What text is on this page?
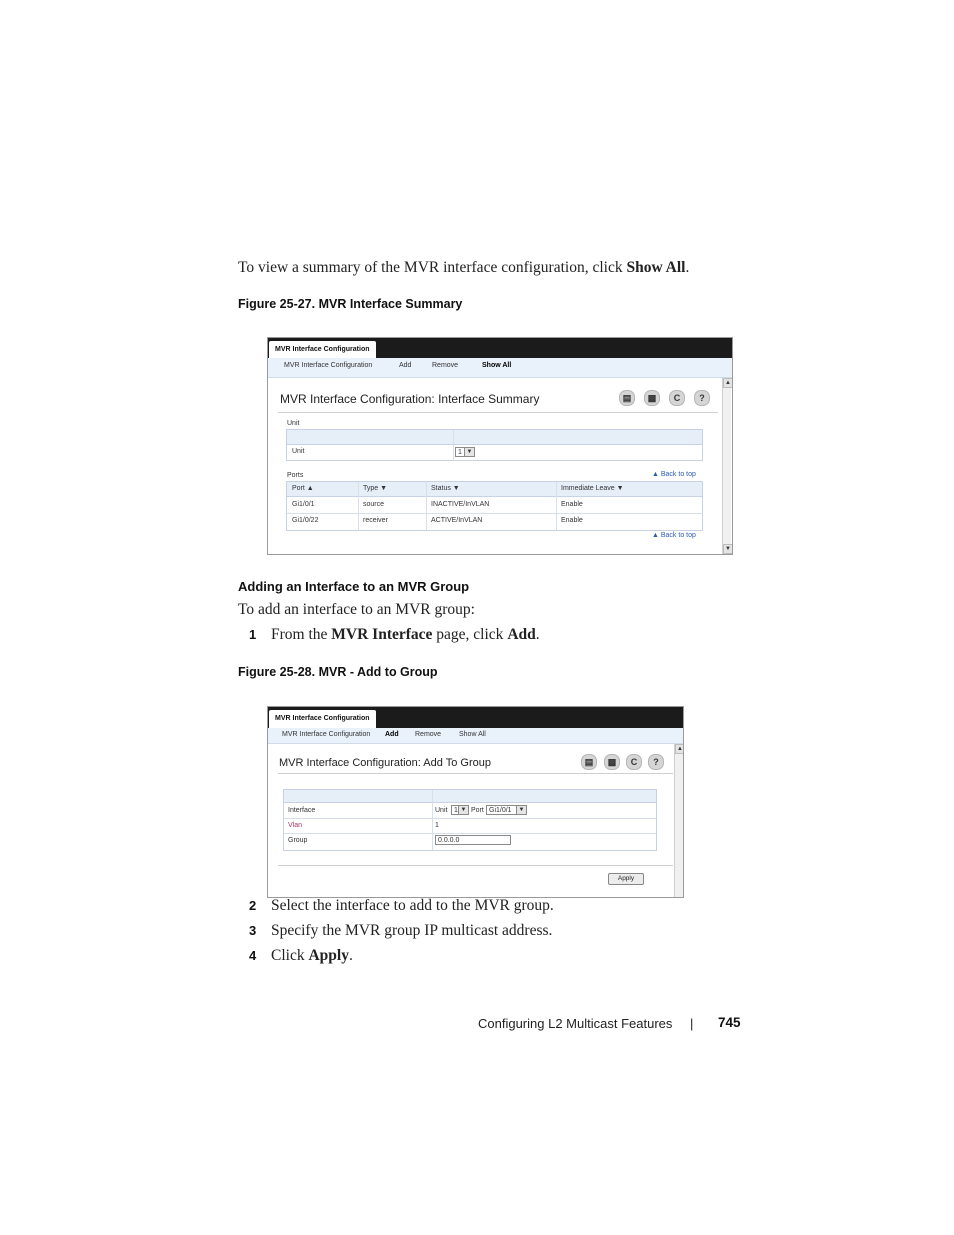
To view a summary of the MVR interface configuration, click Show All.
Figure 25-27. MVR Interface Summary
MVR Interface Configuration
MVR Interface Configuration	Add	Remove	Show All
MVR Interface Configuration: Interface Summary	▤	▩	C	?
Unit
Unit	1 ▼
Ports	▲ Back to top
Port ▲	Type ▼	Status ▼	Immediate Leave ▼
Gi1/0/1	source	INACTIVE/InVLAN	Enable
Gi1/0/22	receiver	ACTIVE/InVLAN	Enable
▲ Back to top
▲
▼
Adding an Interface to an MVR Group
To add an interface to an MVR group:
1 From the MVR Interface page, click Add.
Figure 25-28. MVR - Add to Group
MVR Interface Configuration
MVR Interface Configuration Add Remove	Show All
MVR Interface Configuration: Add To Group	▤	▩	C	?
Interface	Unit 1 ▼ Port Gi1/0/1	▼
Vlan	1
Group	0.0.0.0
Apply
▲
2 Select the interface to add to the MVR group.
3 Specify the MVR group IP multicast address.
4 Click Apply.
Configuring L2 Multicast Features | 745
